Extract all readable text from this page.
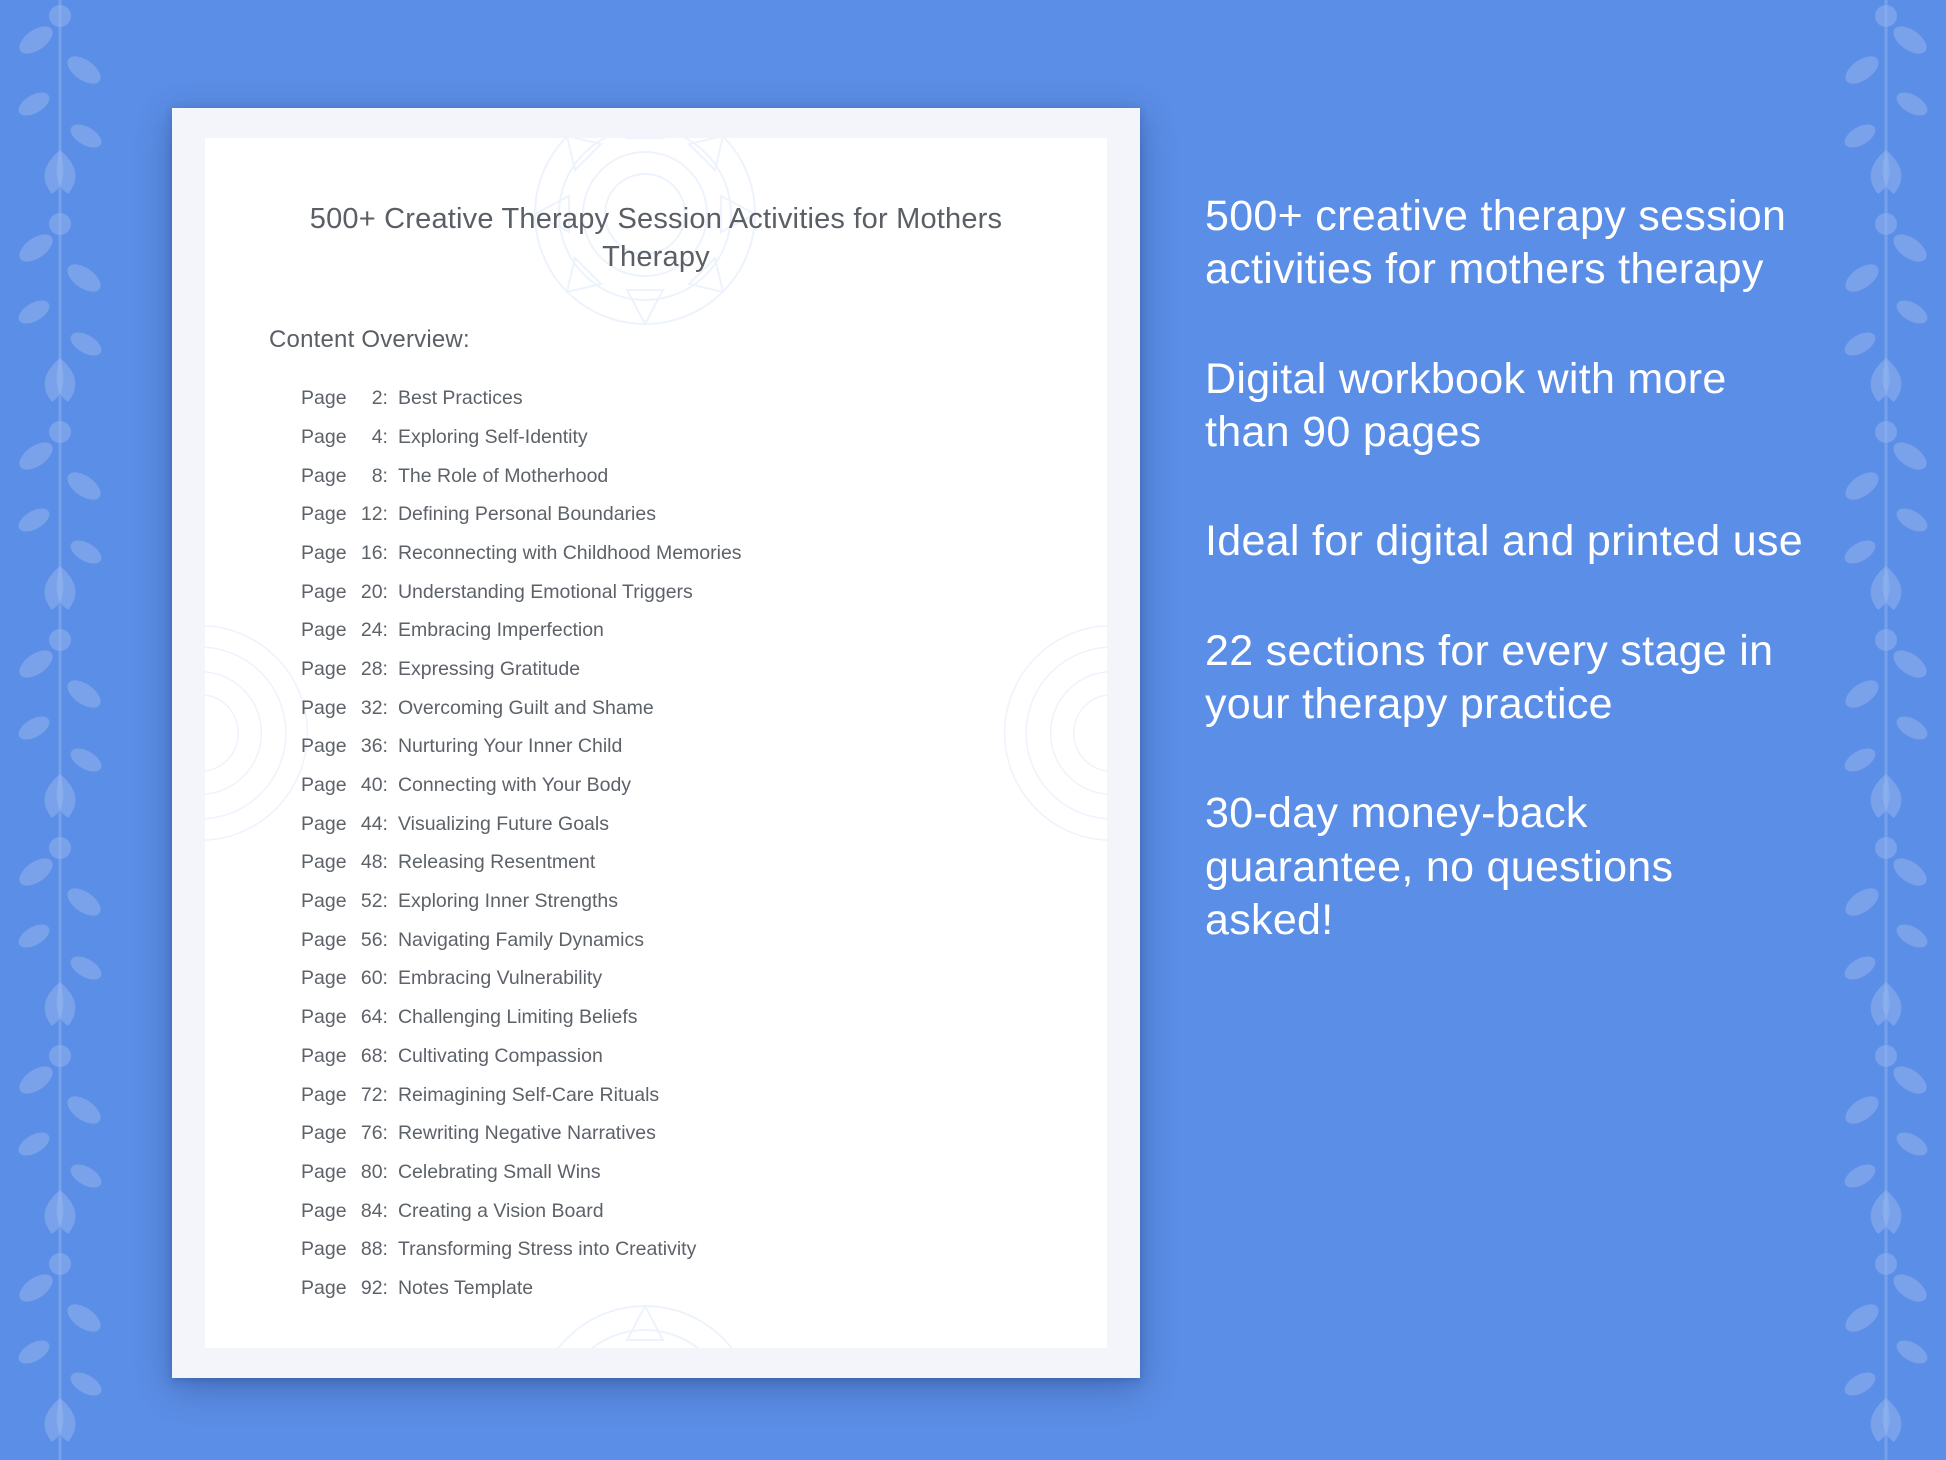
500+ Creative Therapy Session Activities for Mothers Therapy
Content Overview:
Page	2 : Best Practices
Page	4 : Exploring Self-Identity
Page	8 : The Role of Motherhood
Page 12 : Defining Personal Boundaries
Page 16 : Reconnecting with Childhood Memories
Page 20 : Understanding Emotional Triggers
Page 24 : Embracing Imperfection
Page 28 : Expressing Gratitude
Page 32 : Overcoming Guilt and Shame
Page 36 : Nurturing Your Inner Child
Page 40 : Connecting with Your Body
Page 44 : Visualizing Future Goals
Page 48 : Releasing Resentment
Page 52 : Exploring Inner Strengths
Page 56 : Navigating Family Dynamics
Page 60 : Embracing Vulnerability
Page 64 : Challenging Limiting Beliefs
Page 68 : Cultivating Compassion
Page 72 : Reimagining Self-Care Rituals
Page 76 : Rewriting Negative Narratives
Page 80 : Celebrating Small Wins
Page 84 : Creating a Vision Board
Page 88 : Transforming Stress into Creativity
Page 92 : Notes Template

500+ creative therapy session activities for mothers therapy

Digital workbook with more than 90 pages

Ideal for digital and printed use

22 sections for every stage in your therapy practice

30-day money-back guarantee, no questions asked!
